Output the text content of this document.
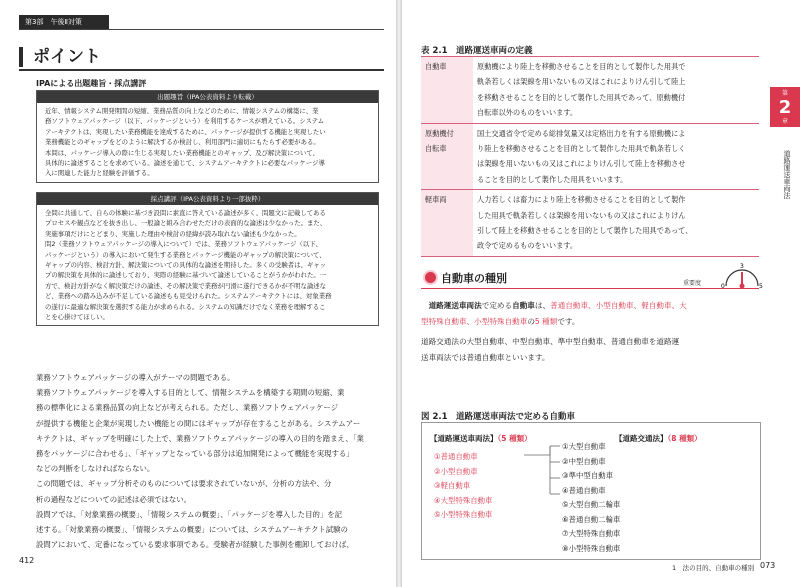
第3部　午後Ⅱ対策
ポイント
IPAによる出題趣旨・採点講評
出題趣旨（IPA公表資料より転載）

近年、情報システム開発期間の短縮、業務品質の向上などのために、情報システムの構築に、業

務ソフトウェアパッケージ（以下、パッケージという）を利用するケースが増えている。システム

アーキテクトは、実現したい業務機能を達成するために、パッケージが提供する機能と実現したい

業務機能とのギャップをどのように解決するか検討し、利用部門に適切にもたらす必要がある。

本問は、パッケージ導入の際に生じる実現したい業務機能とのギャップ、及び解決策について、

具体的に論述することを求めている。論述を通じて、システムアーキテクトに必要なパッケージ導

入に関連した能力と経験を評価する。

採点講評（IPA公表資料より一部抜粋）

全問に共通して、自らの体験に基づき設問に素直に答えている論述が多く、問題文に記載してある

プロセスや観点などを抜き出し、一般論と組み合わせただけの表面的な論述は少なかった。また、

実施事項だけにとどまり、実施した理由や検討の経緯が読み取れない論述も少なかった。

問2（業務ソフトウェアパッケージの導入について）では、業務ソフトウェアパッケージ（以下、

パッケージという）の導入において発生する業務とパッケージ機能のギャップの解決策について、

ギャップの内容、検討方針、解決策についての具体的な論述を期待した。多くの受験者は、ギャッ

プの解決策を具体的に論述しており、実際の経験に基づいて論述していることがうかがわれた。一

方で、検討方針がなく解決策だけの論述、その解決策で業務が円滑に遂行できるかが不明な論述な

ど、業務への踏み込みが不足している論述もも見受けられた。システムアーキテクトには、対象業務

の遂行に最適な解決策を選択する能力が求められる。システムの知識だけでなく業務を理解するこ

とを心掛けてほしい。

業務ソフトウェアパッケージの導入がテーマの問題である。

業務ソフトウェアパッケージを導入する目的として、情報システムを構築する期間の短縮、業

務の標準化による業務品質の向上などが考えられる。ただし、業務ソフトウェアパッケージ

が提供する機能と企業が実現したい機能との間にはギャップが存在することがある。システムアー

キテクトは、ギャップを明確にした上で、業務ソフトウェアパッケージの導入の目的を踏まえ、「業

務をパッケージに合わせる」、「ギャップとなっている部分は追加開発によって機能を実現する」

などの判断をしなければならない。

この問題では、ギャップ分析そのものについては要求されていないが、分析の方法や、分

析の過程などについての記述は必須ではない。

設問アでは、「対象業務の概要」、「情報システムの概要」、「パッケージを導入した目的」を記

述する。「対象業務の概要」、「情報システムの概要」については、システムアーキテクト試験の

設問アにおいて、定番になっている要求事項である。受験者が経験した事例を棚卸しておけば、

412
表 2.1　道路運送車両の定義
自動車	原動機により陸上を移動させることを目的として製作した用具で
軌条若しくは架線を用いないもの又はこれによりけん引して陸上
を移動させることを目的として製作した用具であって、原動機付
自転車以外のものをいいます。
原動機付
自転車	国土交通省令で定める総排気量又は定格出力を有する原動機によ
り陸上を移動させることを目的として製作した用具で軌条若しく
は架線を用いないもの又はこれによりけん引して陸上を移動させ
ることを目的として製作した用具をいいます。
軽車両	人力若しくは畜力により陸上を移動させることを目的として製作
した用具で軌条若しくは架線を用いないもの又はこれによりけん
引して陸上を移動させることを目的として製作した用具であって、
政令で定めるものをいいます。
第
2
章
道路運送車両法
自動車の種別	重要度	0
3
5

　道路運送車両法で定める自動車は、普通自動車、小型自動車、軽自動車、大
型特殊自動車、小型特殊自動車の5 種類です。

道路交通法の大型自動車、中型自動車、準中型自動車、普通自動車を道路運

送車両法では普通自動車といいます。

図 2.1　道路運送車両法で定める自動車
【道路運送車両法】（5 種類）	【道路交通法】（8 種類）
①普通自動車
②小型自動車
③軽自動車
④大型特殊自動車
⑤小型特殊自動車
①大型自動車
②中型自動車
③準中型自動車
④普通自動車
⑤大型自動二輪車
⑥普通自動二輪車
⑦大型特殊自動車
⑧小型特殊自動車
1　法の目的、自動車の種別 073
